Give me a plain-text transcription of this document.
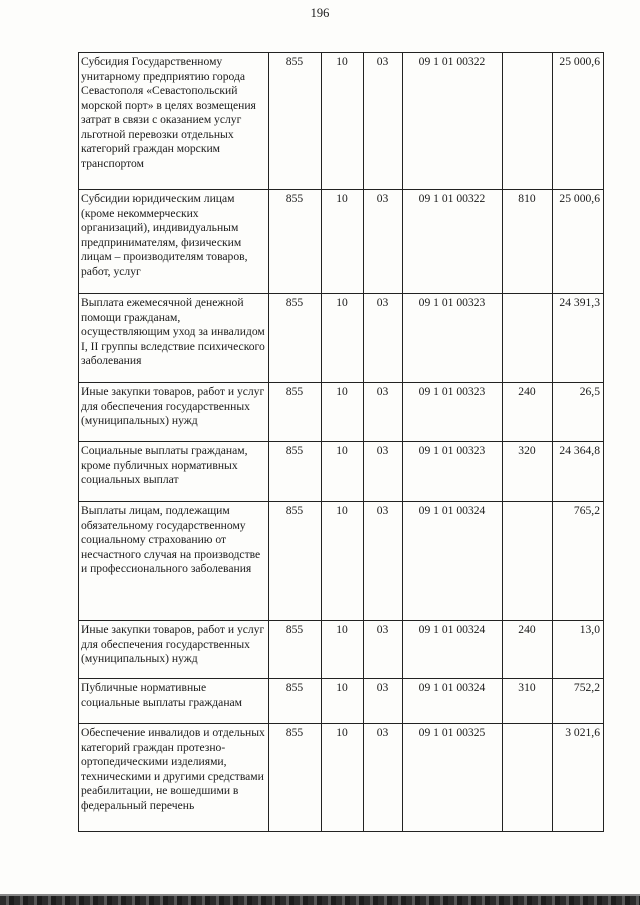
196
Субсидия Государственному унитарному предприятию города Севастополя «Севастопольский морской порт» в целях возмещения затрат в связи с оказанием услуг льготной перевозки отдельных категорий граждан морским транспортом	855	10	03	09 1 01 00322		25 000,6
Субсидии юридическим лицам (кроме некоммерческих организаций), индивидуальным предпринимателям, физическим лицам – производителям товаров, работ, услуг	855	10	03	09 1 01 00322	810	25 000,6
Выплата ежемесячной денежной помощи гражданам, осуществляющим уход за инвалидом I, II группы вследствие психического заболевания	855	10	03	09 1 01 00323		24 391,3
Иные закупки товаров, работ и услуг для обеспечения государственных (муниципальных) нужд	855	10	03	09 1 01 00323	240	26,5
Социальные выплаты гражданам, кроме публичных нормативных социальных выплат	855	10	03	09 1 01 00323	320	24 364,8
Выплаты лицам, подлежащим обязательному государственному социальному страхованию от несчастного случая на производстве и профессионального заболевания	855	10	03	09 1 01 00324		765,2
Иные закупки товаров, работ и услуг для обеспечения государственных (муниципальных) нужд	855	10	03	09 1 01 00324	240	13,0
Публичные нормативные социальные выплаты гражданам	855	10	03	09 1 01 00324	310	752,2
Обеспечение инвалидов и отдельных категорий граждан протезно-ортопедическими изделиями, техническими и другими средствами реабилитации, не вошедшими в федеральный перечень	855	10	03	09 1 01 00325		3 021,6
